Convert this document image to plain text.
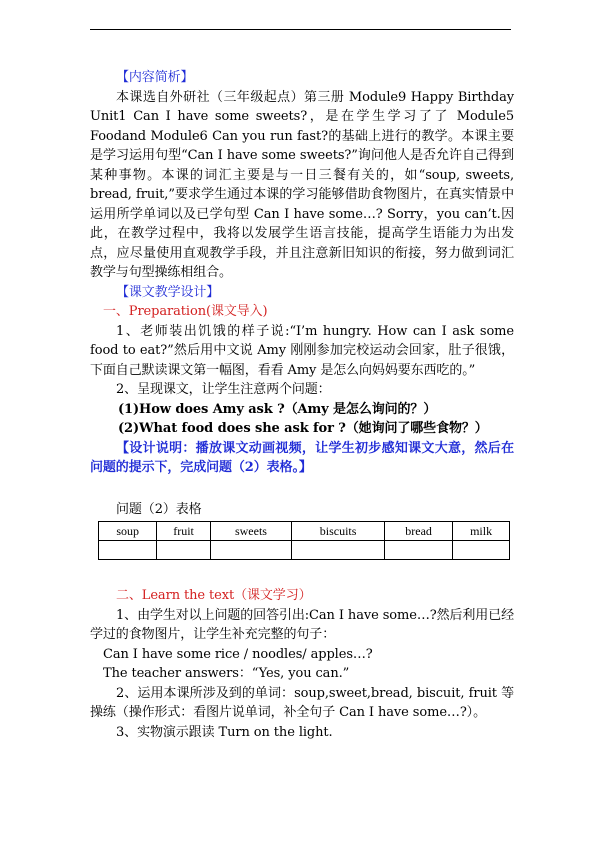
【内容简析】

本课选自外研社（三年级起点）第三册 Module9 Happy Birthday Unit1 Can I have some sweets?，是在学生学习了了 Module5 Foodand Module6 Can you run fast?的基础上进行的教学。本课主要是学习运用句型“Can I have some sweets?”询问他人是否允许自己得到某种事物。本课的词汇主要是与一日三餐有关的，如“soup, sweets, bread, fruit,”要求学生通过本课的学习能够借助食物图片，在真实情景中运用所学单词以及已学句型 Can I have some…? Sorry，you can’t.因此，在教学过程中，我将以发展学生语言技能，提高学生语能力为出发点，应尽量使用直观教学手段，并且注意新旧知识的衔接，努力做到词汇教学与句型操练相组合。

【课文教学设计】

一、Preparation(课文导入)

1、老师装出饥饿的样子说:“I’m hungry. How can I ask some food to eat?”然后用中文说 Amy 刚刚参加完校运动会回家，肚子很饿，下面自己默读课文第一幅图，看看 Amy 是怎么向妈妈要东西吃的。”

2、呈现课文，让学生注意两个问题：

(1)How does Amy ask ?（Amy 是怎么询问的？）

(2)What food does she ask for ?（她询问了哪些食物？）

【设计说明：播放课文动画视频，让学生初步感知课文大意，然后在问题的提示下，完成问题（2）表格。】

问题（2）表格

soup	fruit	sweets	biscuits	bread	milk

二、Learn the text（课文学习）

1、由学生对以上问题的回答引出:Can I have some…?然后利用已经学过的食物图片，让学生补充完整的句子：

Can I have some rice / noodles/ apples…?

The teacher answers：“Yes, you can.”

2、运用本课所涉及到的单词：soup,sweet,bread, biscuit, fruit 等操练（操作形式：看图片说单词，补全句子 Can I have some…?）。

3、实物演示跟读 Turn on the light.
